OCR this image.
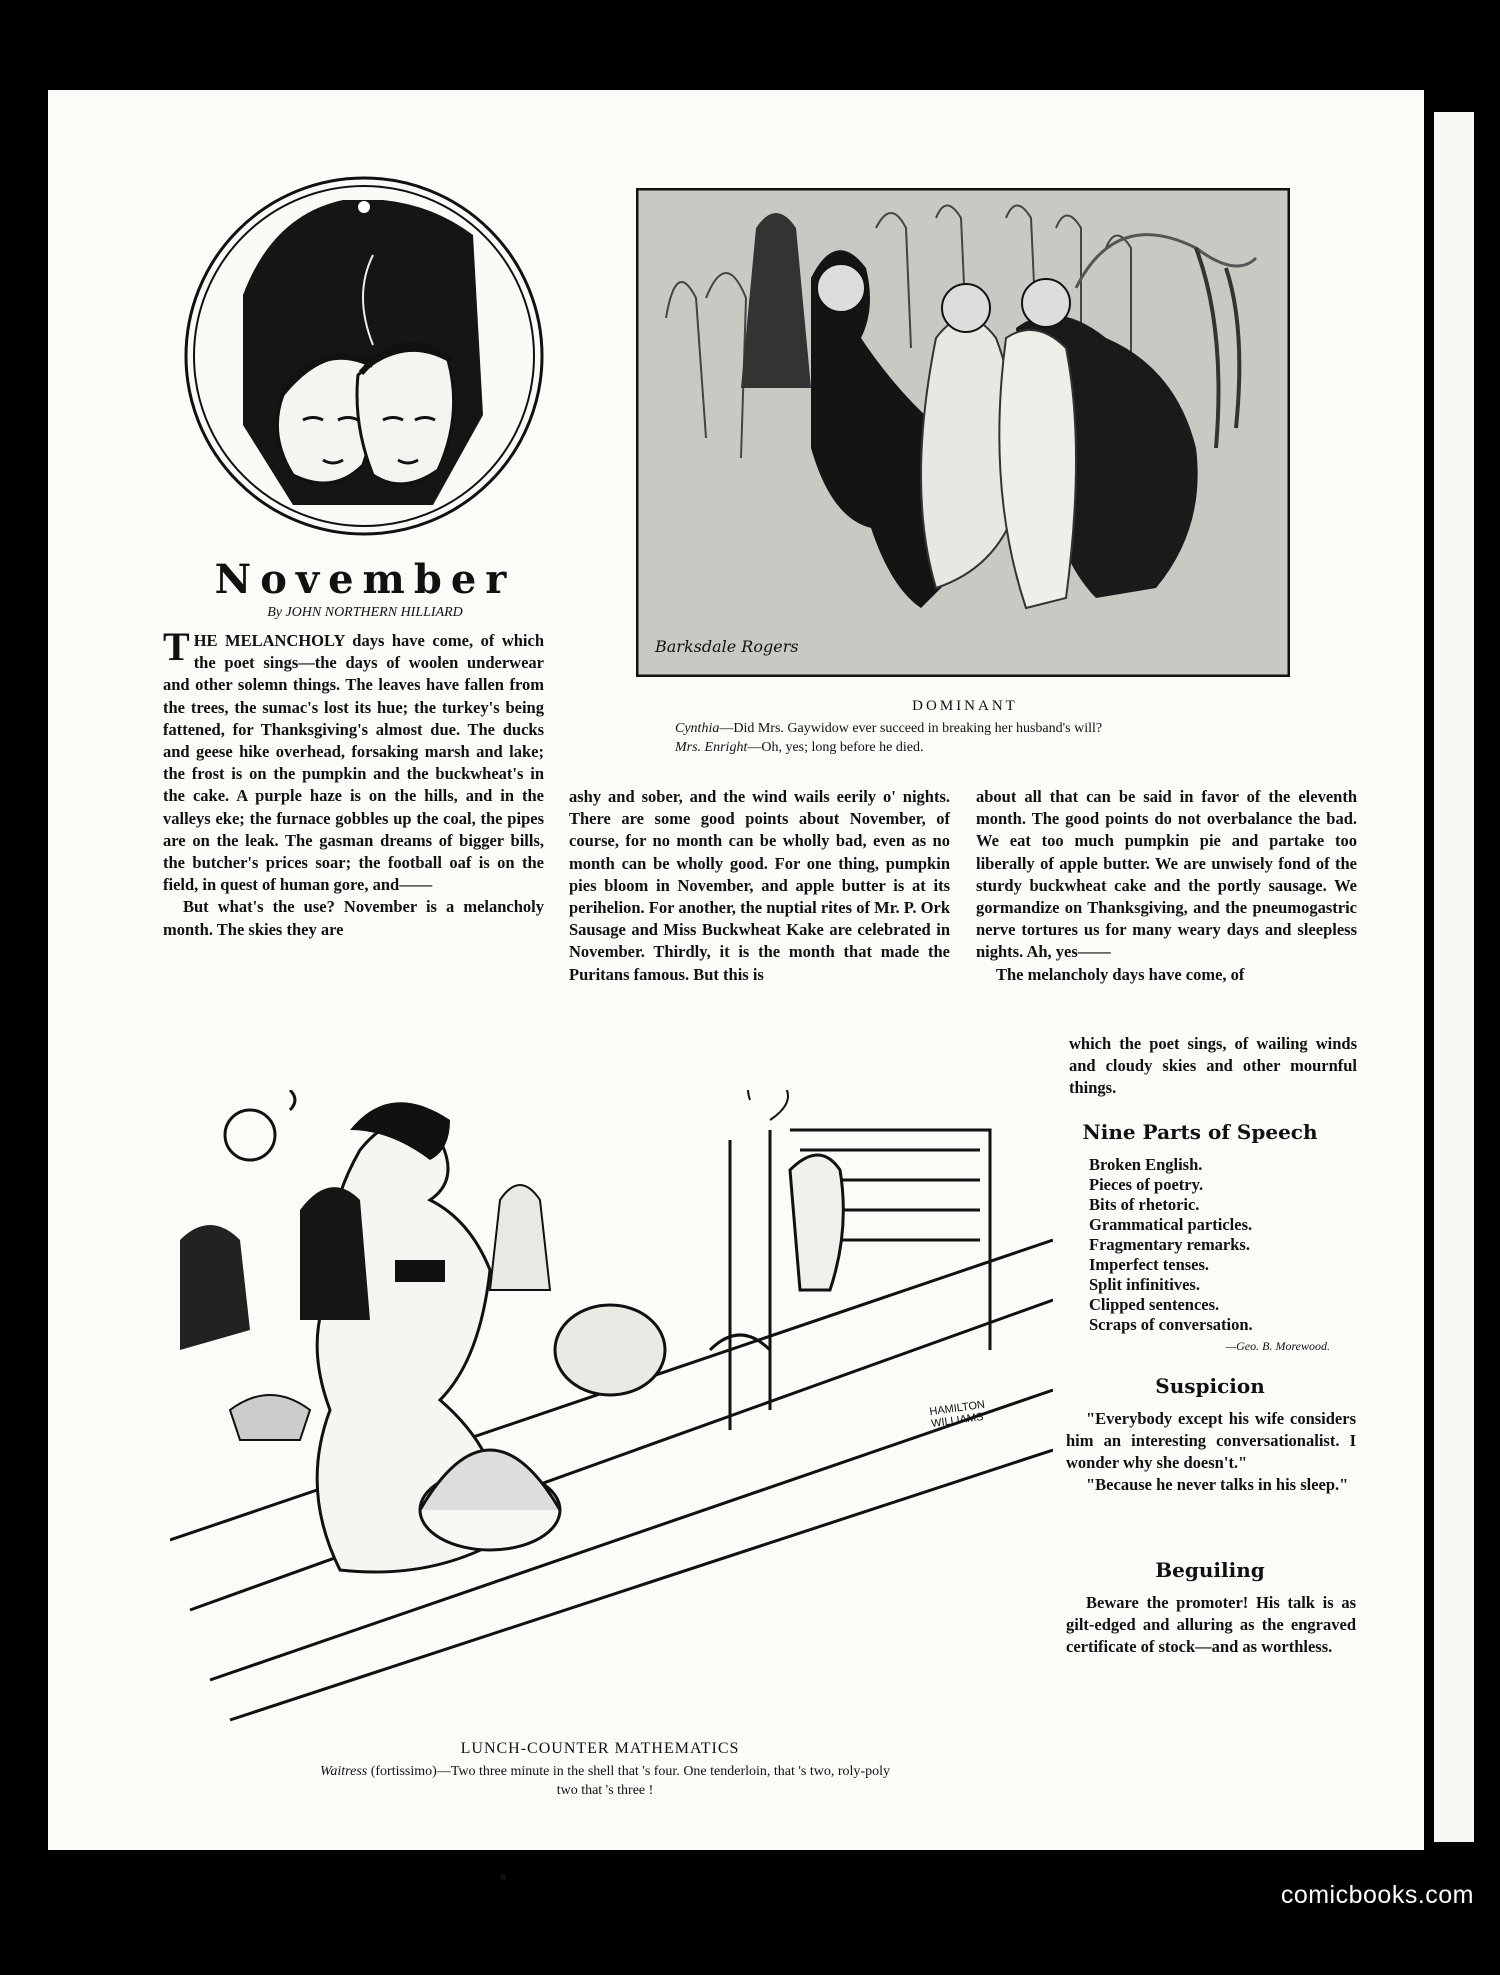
November
By JOHN NORTHERN HILLIARD

THE MELANCHOLY days have come, of which the poet sings—the days of woolen underwear and other solemn things. The leaves have fallen from the trees, the sumac's lost its hue; the turkey's being fattened, for Thanksgiving's almost due. The ducks and geese hike overhead, forsaking marsh and lake; the frost is on the pumpkin and the buckwheat's in the cake. A purple haze is on the hills, and in the valleys eke; the furnace gobbles up the coal, the pipes are on the leak. The gasman dreams of bigger bills, the butcher's prices soar; the football oaf is on the field, in quest of human gore, and——

But what's the use? November is a melancholy month. The skies they are

ashy and sober, and the wind wails eerily o' nights. There are some good points about November, of course, for no month can be wholly bad, even as no month can be wholly good. For one thing, pumpkin pies bloom in November, and apple butter is at its perihelion. For another, the nuptial rites of Mr. P. Ork Sausage and Miss Buckwheat Kake are celebrated in November. Thirdly, it is the month that made the Puritans famous. But this is

about all that can be said in favor of the eleventh month. The good points do not overbalance the bad. We eat too much pumpkin pie and partake too liberally of apple butter. We are unwisely fond of the sturdy buckwheat cake and the portly sausage. We gormandize on Thanksgiving, and the pneumogastric nerve tortures us for many weary days and sleepless nights. Ah, yes——

The melancholy days have come, of

which the poet sings, of wailing winds and cloudy skies and other mournful things.

Barksdale Rogers
DOMINANT
Cynthia—Did Mrs. Gaywidow ever succeed in breaking her husband's will?
Mrs. Enright—Oh, yes; long before he died.
HAMILTON WILLIAMS
LUNCH-COUNTER MATHEMATICS
Waitress (fortissimo)—Two three minute in the shell that 's four. One tenderloin, that 's two, roly-poly
two that 's three !
Nine Parts of Speech
Broken English.
Pieces of poetry.
Bits of rhetoric.
Grammatical particles.
Fragmentary remarks.
Imperfect tenses.
Split infinitives.
Clipped sentences.
Scraps of conversation.
—Geo. B. Morewood.
Suspicion

"Everybody except his wife considers him an interesting conversationalist. I wonder why she doesn't."

"Because he never talks in his sleep."

Beguiling

Beware the promoter! His talk is as gilt-edged and alluring as the engraved certificate of stock—and as worthless.

comicbooks.com
